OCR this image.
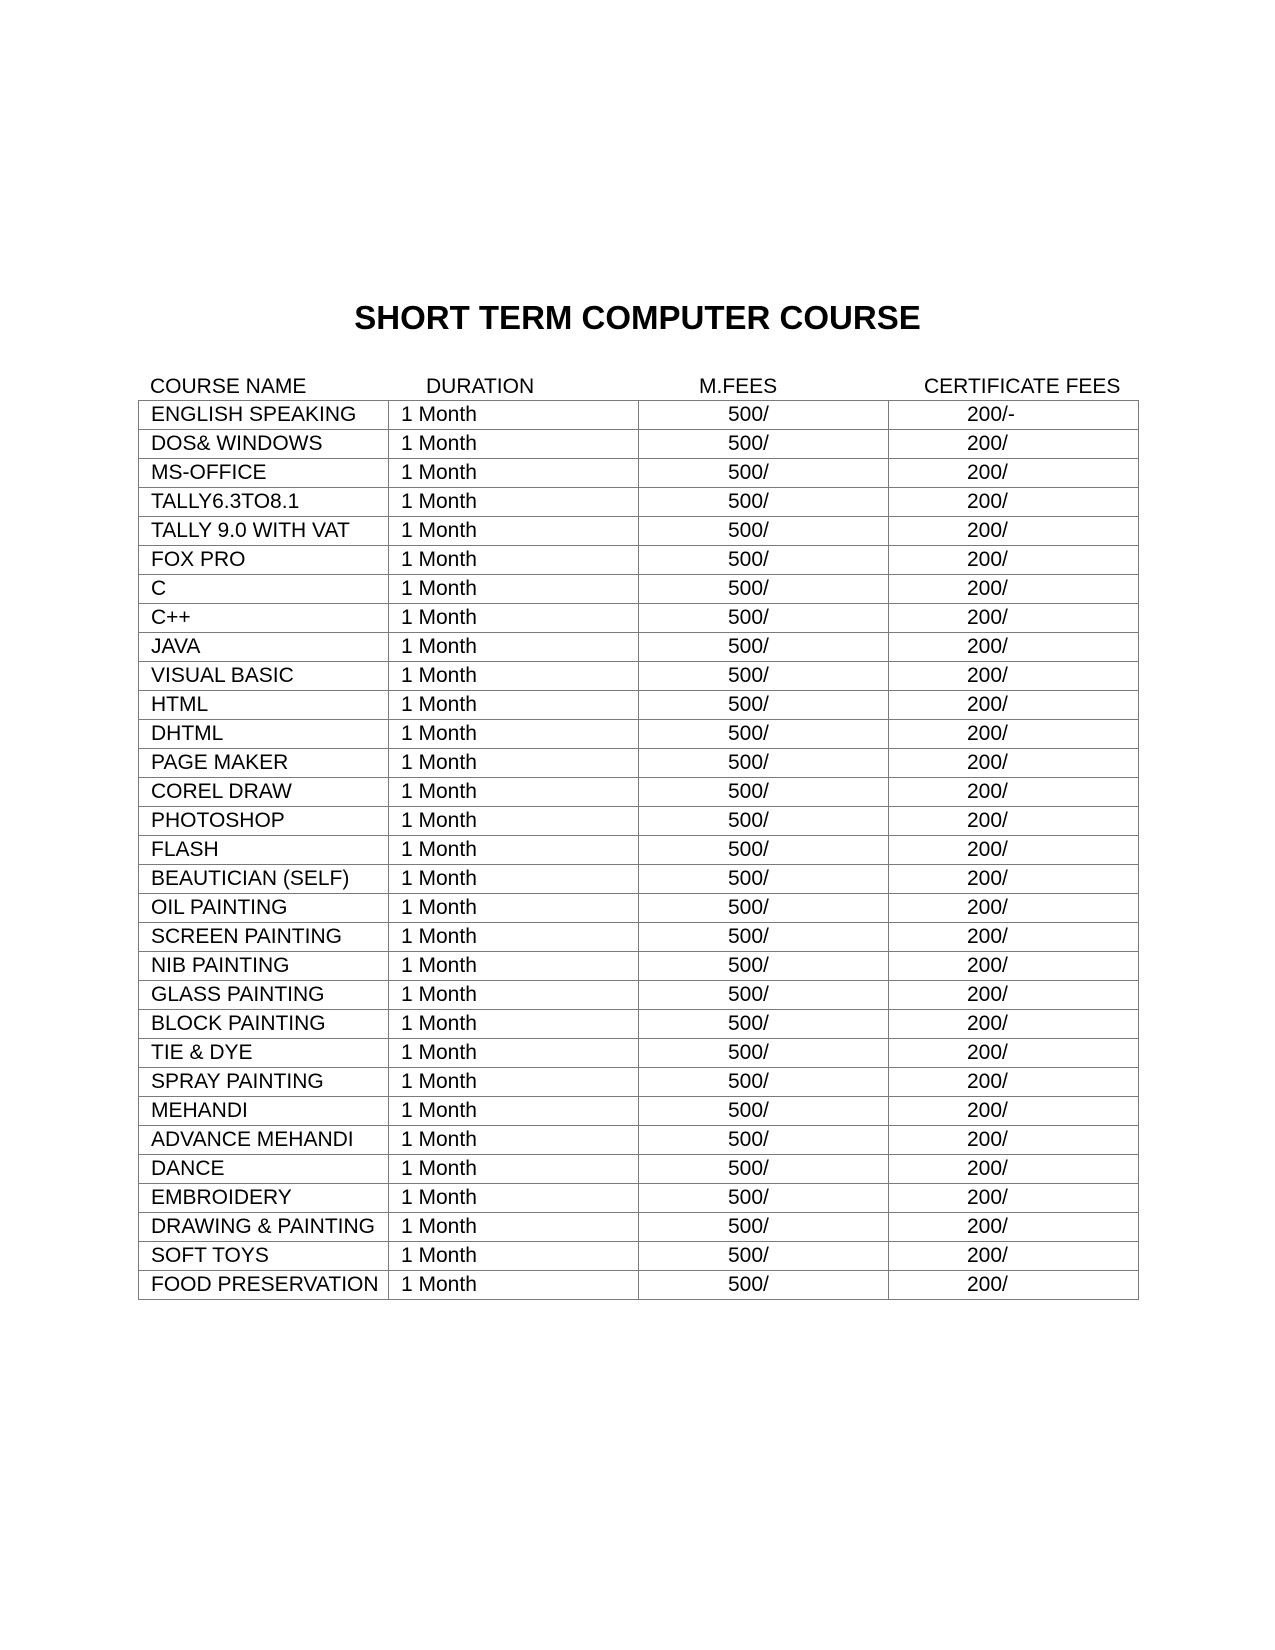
SHORT TERM COMPUTER COURSE
COURSE NAME	DURATION	M.FEES	CERTIFICATE FEES
ENGLISH SPEAKING	1 Month	500/	200/-
DOS& WINDOWS	1 Month	500/	200/
MS-OFFICE	1 Month	500/	200/
TALLY6.3TO8.1	1 Month	500/	200/
TALLY 9.0 WITH VAT	1 Month	500/	200/
FOX PRO	1 Month	500/	200/
C	1 Month	500/	200/
C++	1 Month	500/	200/
JAVA	1 Month	500/	200/
VISUAL BASIC	1 Month	500/	200/
HTML	1 Month	500/	200/
DHTML	1 Month	500/	200/
PAGE MAKER	1 Month	500/	200/
COREL DRAW	1 Month	500/	200/
PHOTOSHOP	1 Month	500/	200/
FLASH	1 Month	500/	200/
BEAUTICIAN (SELF)	1 Month	500/	200/
OIL PAINTING	1 Month	500/	200/
SCREEN PAINTING	1 Month	500/	200/
NIB PAINTING	1 Month	500/	200/
GLASS PAINTING	1 Month	500/	200/
BLOCK PAINTING	1 Month	500/	200/
TIE & DYE	1 Month	500/	200/
SPRAY PAINTING	1 Month	500/	200/
MEHANDI	1 Month	500/	200/
ADVANCE MEHANDI	1 Month	500/	200/
DANCE	1 Month	500/	200/
EMBROIDERY	1 Month	500/	200/
DRAWING & PAINTING	1 Month	500/	200/
SOFT TOYS	1 Month	500/	200/
FOOD PRESERVATION	1 Month	500/	200/
